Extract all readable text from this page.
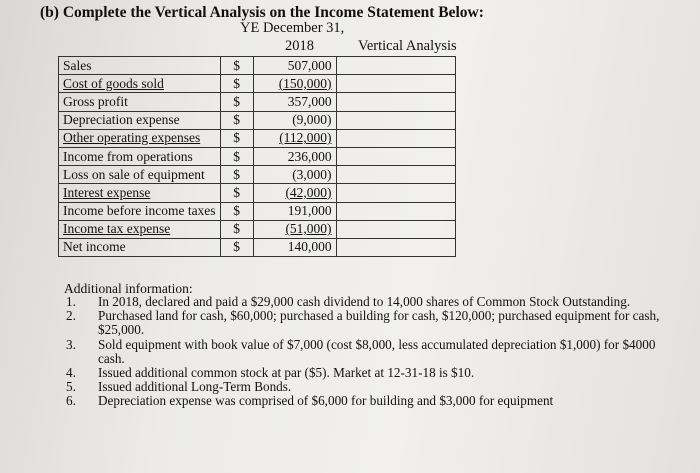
(b) Complete the Vertical Analysis on the Income Statement Below:
YE December 31,
2018	Vertical Analysis
Sales	$	507,000	
Cost of goods sold	$	(150,000)	
Gross profit	$	357,000	
Depreciation expense	$	(9,000)	
Other operating expenses	$	(112,000)	
Income from operations	$	236,000	
Loss on sale of equipment	$	(3,000)	
Interest expense	$	(42,000)	
Income before income taxes	$	191,000	
Income tax expense	$	(51,000)	
Net income	$	140,000	
Additional information:
1. In 2018, declared and paid a $29,000 cash dividend to 14,000 shares of Common Stock Outstanding.
2. Purchased land for cash, $60,000; purchased a building for cash, $120,000; purchased equipment for cash, $25,000.
3. Sold equipment with book value of $7,000 (cost $8,000, less accumulated depreciation $1,000) for $4000 cash.
4. Issued additional common stock at par ($5). Market at 12-31-18 is $10.
5. Issued additional Long-Term Bonds.
6. Depreciation expense was comprised of $6,000 for building and $3,000 for equipment
